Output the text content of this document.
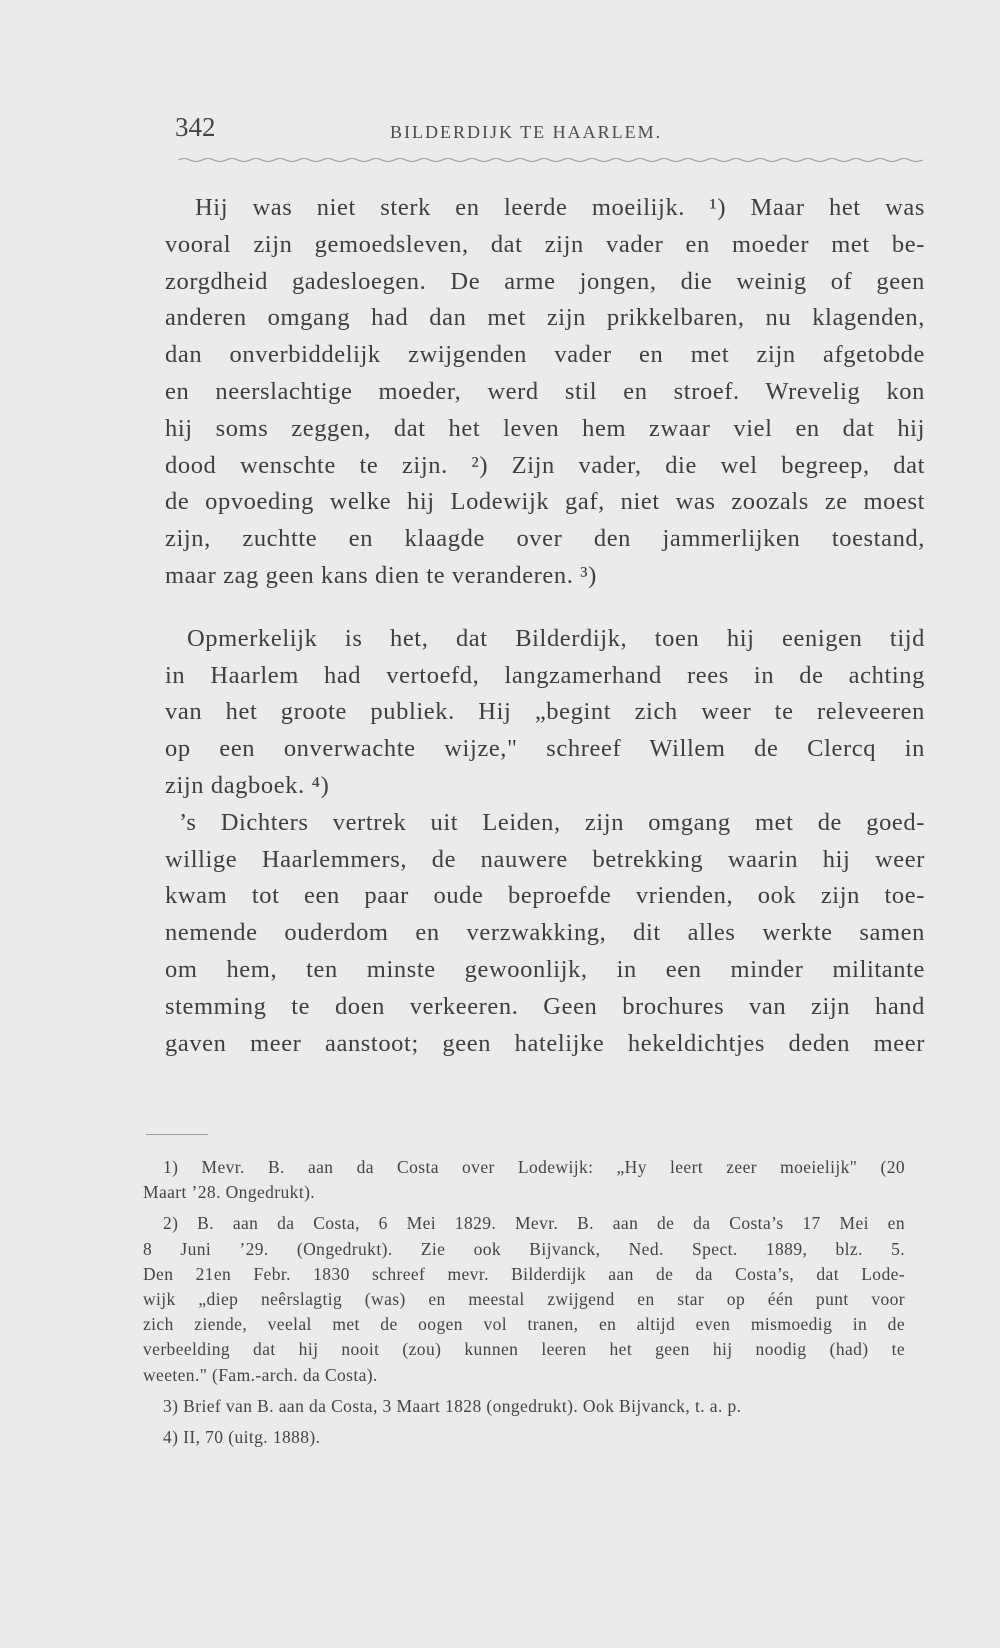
342	BILDERDIJK TE HAARLEM.

Hij was niet sterk en leerde moeilijk. ¹) Maar het was
vooral zijn gemoedsleven, dat zijn vader en moeder met be-
zorgdheid gadesloegen. De arme jongen, die weinig of geen
anderen omgang had dan met zijn prikkelbaren, nu klagenden,
dan onverbiddelijk zwijgenden vader en met zijn afgetobde
en neerslachtige moeder, werd stil en stroef. Wrevelig kon
hij soms zeggen, dat het leven hem zwaar viel en dat hij
dood wenschte te zijn. ²) Zijn vader, die wel begreep, dat
de opvoeding welke hij Lodewijk gaf, niet was zoozals ze moest
zijn, zuchtte en klaagde over den jammerlijken toestand,
maar zag geen kans dien te veranderen. ³)

Opmerkelijk is het, dat Bilderdijk, toen hij eenigen tijd
in Haarlem had vertoefd, langzamerhand rees in de achting
van het groote publiek. Hij „begint zich weer te releveeren
op een onverwachte wijze," schreef Willem de Clercq in
zijn dagboek. ⁴)

’s Dichters vertrek uit Leiden, zijn omgang met de goed-
willige Haarlemmers, de nauwere betrekking waarin hij weer
kwam tot een paar oude beproefde vrienden, ook zijn toe-
nemende ouderdom en verzwakking, dit alles werkte samen
om hem, ten minste gewoonlijk, in een minder militante
stemming te doen verkeeren. Geen brochures van zijn hand
gaven meer aanstoot; geen hatelijke hekeldichtjes deden meer

1) Mevr. B. aan da Costa over Lodewijk: „Hy leert zeer moeielijk" (20
Maart ’28. Ongedrukt).

2) B. aan da Costa, 6 Mei 1829. Mevr. B. aan de da Costa’s 17 Mei en
8 Juni ’29. (Ongedrukt). Zie ook Bijvanck, Ned. Spect. 1889, blz. 5.
Den 21en Febr. 1830 schreef mevr. Bilderdijk aan de da Costa’s, dat Lode-
wijk „diep neêrslagtig (was) en meestal zwijgend en star op één punt voor
zich ziende, veelal met de oogen vol tranen, en altijd even mismoedig in de
verbeelding dat hij nooit (zou) kunnen leeren het geen hij noodig (had) te
weeten." (Fam.-arch. da Costa).

3) Brief van B. aan da Costa, 3 Maart 1828 (ongedrukt). Ook Bijvanck, t. a. p.

4) II, 70 (uitg. 1888).
